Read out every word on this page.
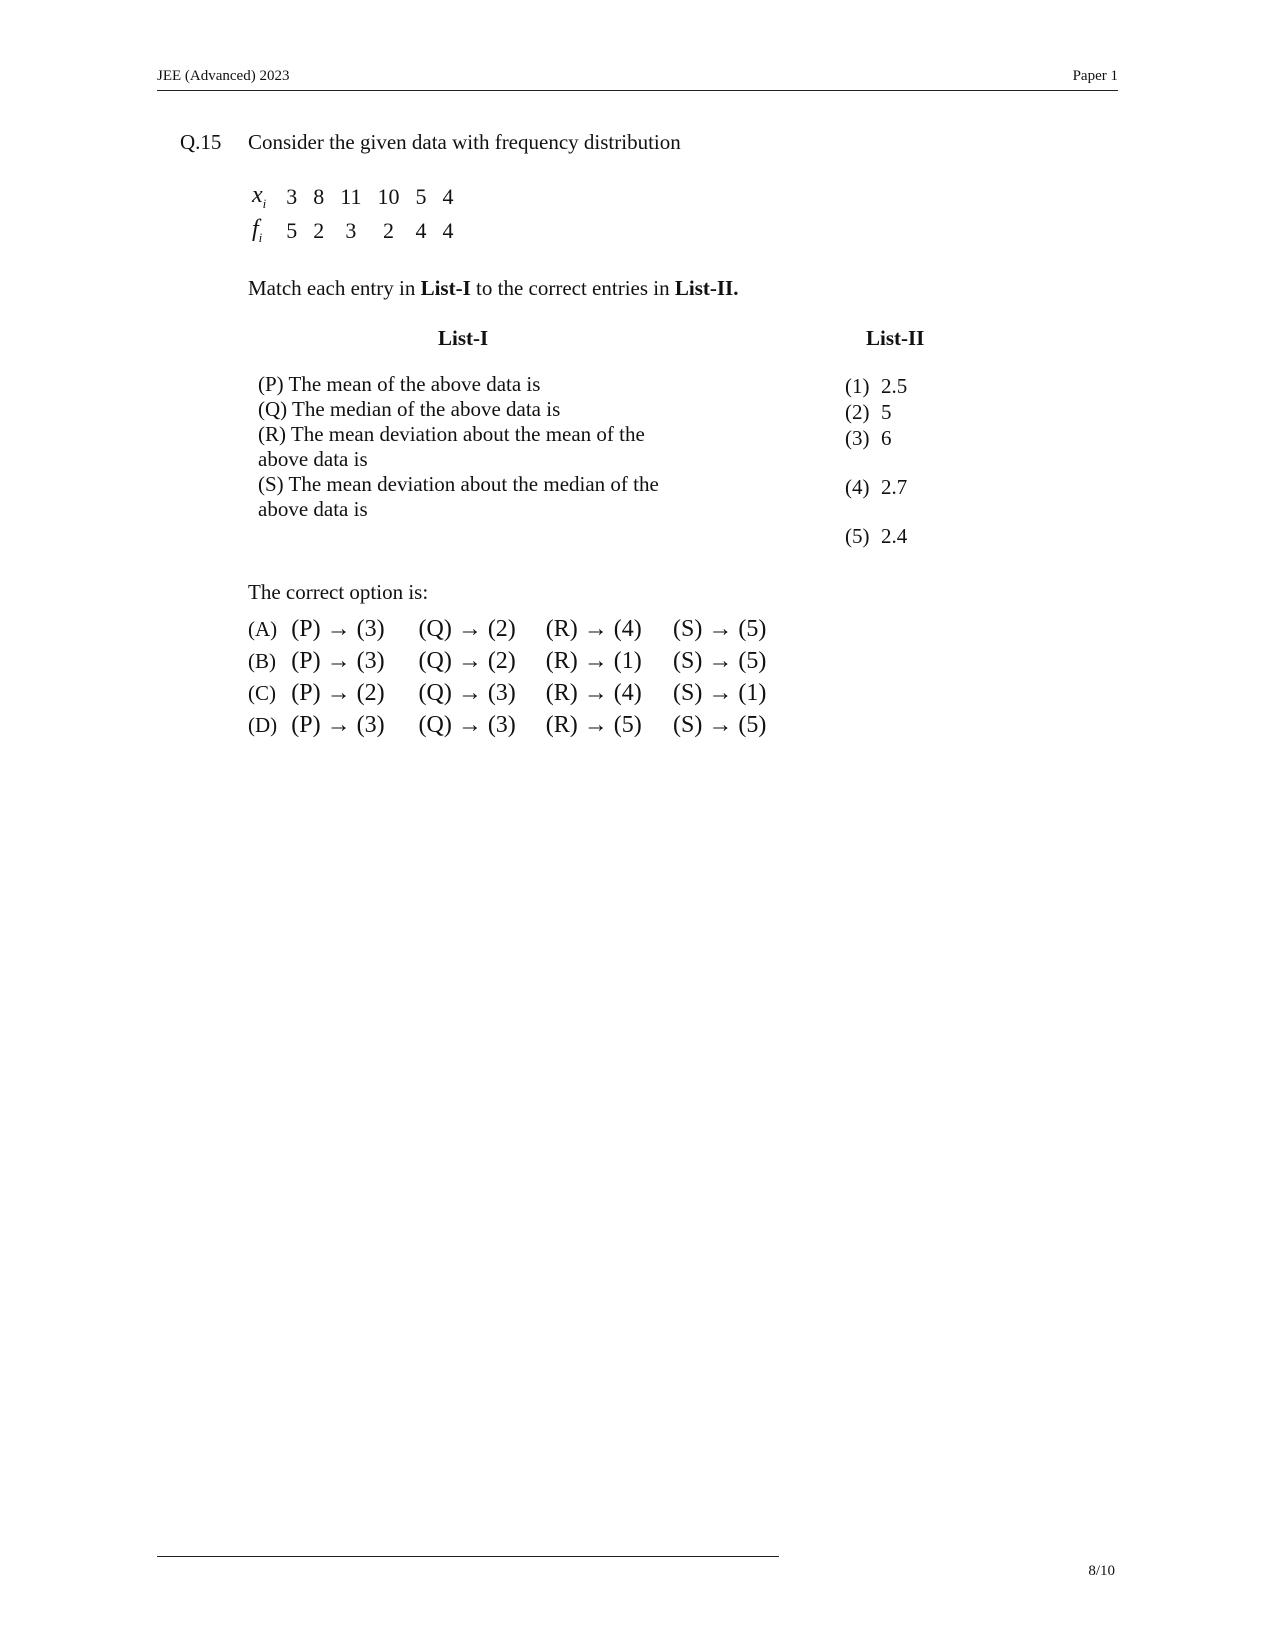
JEE (Advanced) 2023	Paper 1
Q.15 Consider the given data with frequency distribution
$x_i$	3	8	11	10	5	4
$f_i$	5	2	3	2	4	4
Match each entry in List-I to the correct entries in List-II.
List-I	List-II
(P) The mean of the above data is
(Q) The median of the above data is
(R) The mean deviation about the mean of the above data is
(S) The mean deviation about the median of the above data is
(1) 2.5
(2) 5
(3) 6
(4) 2.7
(5) 2.4
The correct option is:
(A) (P) → (3) (Q) → (2) (R) → (4) (S) → (5)
(B) (P) → (3) (Q) → (2) (R) → (1) (S) → (5)
(C) (P) → (2) (Q) → (3) (R) → (4) (S) → (1)
(D) (P) → (3) (Q) → (3) (R) → (5) (S) → (5)
8/10
